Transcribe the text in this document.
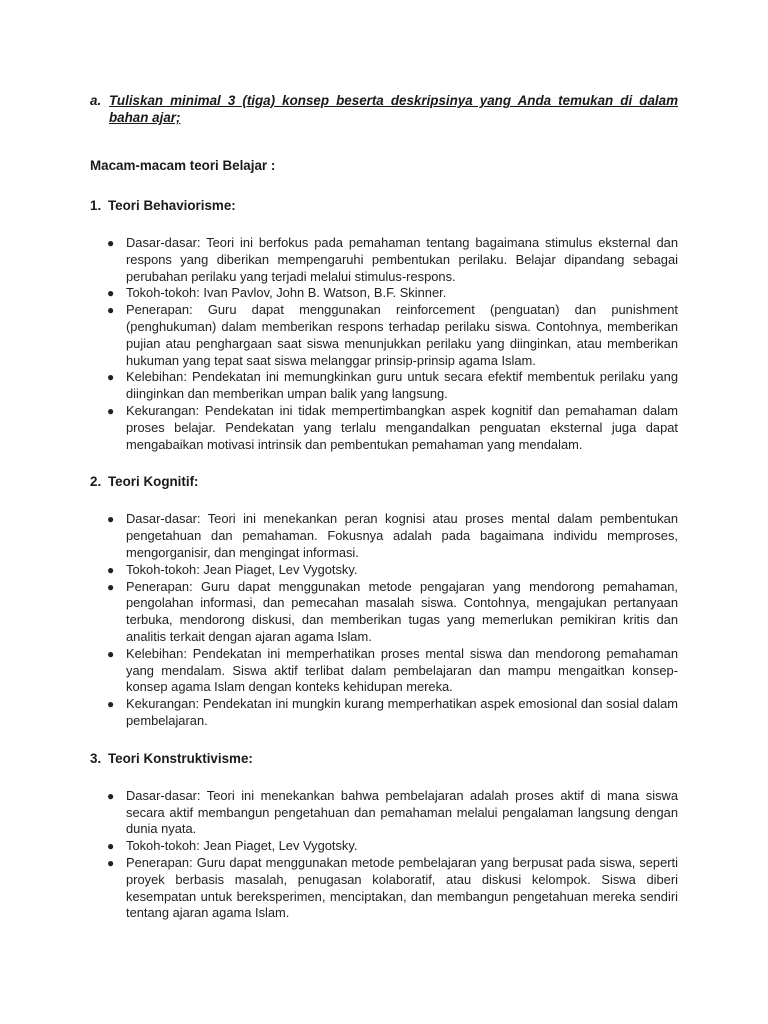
a. Tuliskan minimal 3 (tiga) konsep beserta deskripsinya yang Anda temukan di dalam bahan ajar;
Macam-macam teori Belajar :
1. Teori Behaviorisme:
● Dasar-dasar: Teori ini berfokus pada pemahaman tentang bagaimana stimulus eksternal dan respons yang diberikan mempengaruhi pembentukan perilaku. Belajar dipandang sebagai perubahan perilaku yang terjadi melalui stimulus-respons.
● Tokoh-tokoh: Ivan Pavlov, John B. Watson, B.F. Skinner.
● Penerapan: Guru dapat menggunakan reinforcement (penguatan) dan punishment (penghukuman) dalam memberikan respons terhadap perilaku siswa. Contohnya, memberikan pujian atau penghargaan saat siswa menunjukkan perilaku yang diinginkan, atau memberikan hukuman yang tepat saat siswa melanggar prinsip-prinsip agama Islam.
● Kelebihan: Pendekatan ini memungkinkan guru untuk secara efektif membentuk perilaku yang diinginkan dan memberikan umpan balik yang langsung.
● Kekurangan: Pendekatan ini tidak mempertimbangkan aspek kognitif dan pemahaman dalam proses belajar. Pendekatan yang terlalu mengandalkan penguatan eksternal juga dapat mengabaikan motivasi intrinsik dan pembentukan pemahaman yang mendalam.
2. Teori Kognitif:
● Dasar-dasar: Teori ini menekankan peran kognisi atau proses mental dalam pembentukan pengetahuan dan pemahaman. Fokusnya adalah pada bagaimana individu memproses, mengorganisir, dan mengingat informasi.
● Tokoh-tokoh: Jean Piaget, Lev Vygotsky.
● Penerapan: Guru dapat menggunakan metode pengajaran yang mendorong pemahaman, pengolahan informasi, dan pemecahan masalah siswa. Contohnya, mengajukan pertanyaan terbuka, mendorong diskusi, dan memberikan tugas yang memerlukan pemikiran kritis dan analitis terkait dengan ajaran agama Islam.
● Kelebihan: Pendekatan ini memperhatikan proses mental siswa dan mendorong pemahaman yang mendalam. Siswa aktif terlibat dalam pembelajaran dan mampu mengaitkan konsep-konsep agama Islam dengan konteks kehidupan mereka.
● Kekurangan: Pendekatan ini mungkin kurang memperhatikan aspek emosional dan sosial dalam pembelajaran.
3. Teori Konstruktivisme:
● Dasar-dasar: Teori ini menekankan bahwa pembelajaran adalah proses aktif di mana siswa secara aktif membangun pengetahuan dan pemahaman melalui pengalaman langsung dengan dunia nyata.
● Tokoh-tokoh: Jean Piaget, Lev Vygotsky.
● Penerapan: Guru dapat menggunakan metode pembelajaran yang berpusat pada siswa, seperti proyek berbasis masalah, penugasan kolaboratif, atau diskusi kelompok. Siswa diberi kesempatan untuk bereksperimen, menciptakan, dan membangun pengetahuan mereka sendiri tentang ajaran agama Islam.
